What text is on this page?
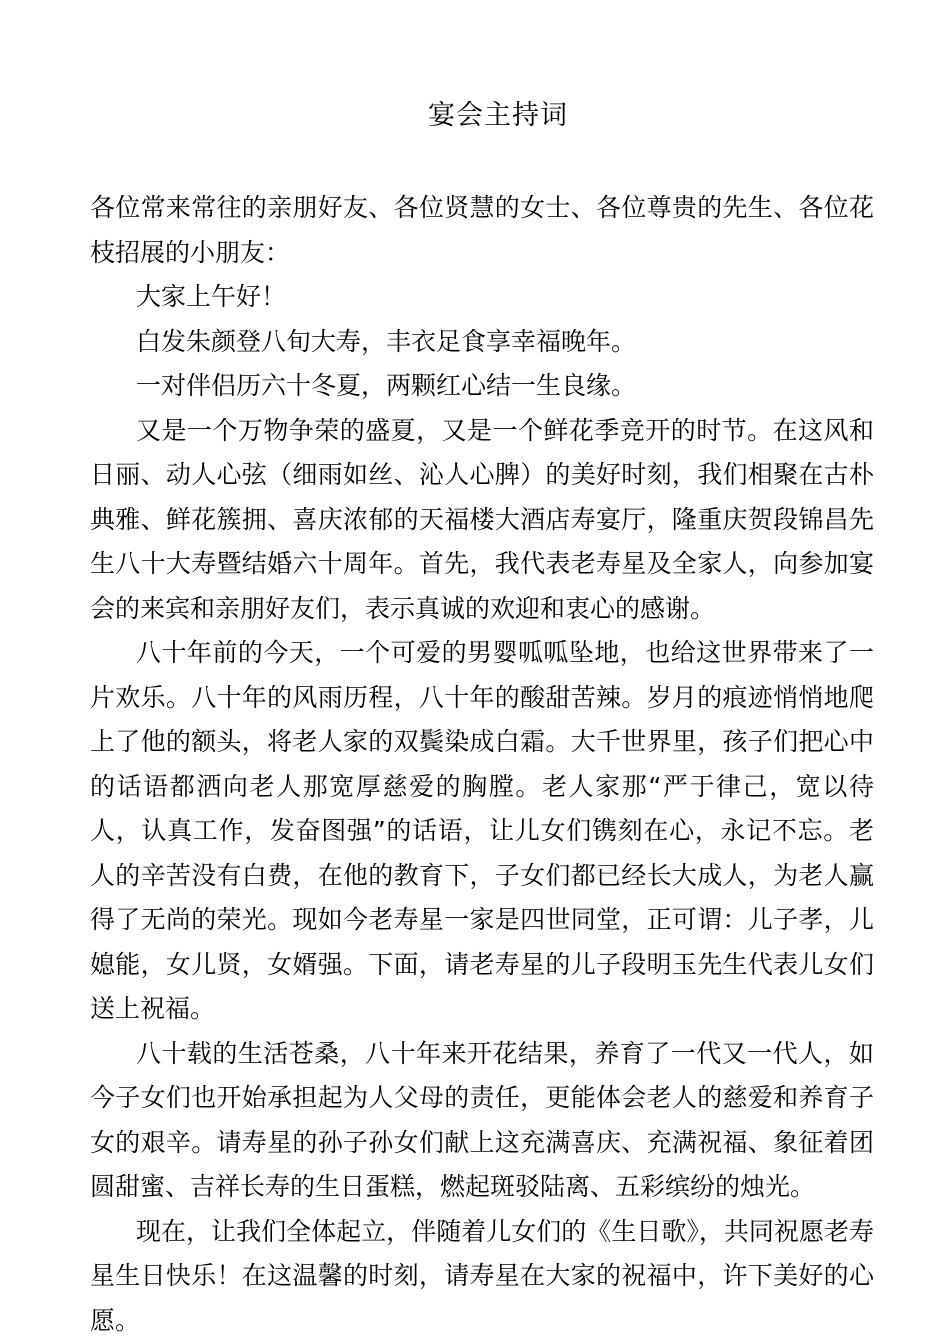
宴会主持词

各位常来常往的亲朋好友、各位贤慧的女士、各位尊贵的先生、各位花枝招展的小朋友：

大家上午好！

白发朱颜登八旬大寿，丰衣足食享幸福晚年。

一对伴侣历六十冬夏，两颗红心结一生良缘。

又是一个万物争荣的盛夏，又是一个鲜花季竞开的时节。在这风和日丽、动人心弦（细雨如丝、沁人心脾）的美好时刻，我们相聚在古朴典雅、鲜花簇拥、喜庆浓郁的天福楼大酒店寿宴厅，隆重庆贺段锦昌先生八十大寿暨结婚六十周年。首先，我代表老寿星及全家人，向参加宴会的来宾和亲朋好友们，表示真诚的欢迎和衷心的感谢。

八十年前的今天，一个可爱的男婴呱呱坠地，也给这世界带来了一片欢乐。八十年的风雨历程，八十年的酸甜苦辣。岁月的痕迹悄悄地爬上了他的额头，将老人家的双鬓染成白霜。大千世界里，孩子们把心中的话语都洒向老人那宽厚慈爱的胸膛。老人家那“严于律己，宽以待人，认真工作，发奋图强”的话语，让儿女们镌刻在心，永记不忘。老人的辛苦没有白费，在他的教育下，子女们都已经长大成人，为老人赢得了无尚的荣光。现如今老寿星一家是四世同堂，正可谓：儿子孝，儿媳能，女儿贤，女婿强。下面，请老寿星的儿子段明玉先生代表儿女们送上祝福。

八十载的生活苍桑，八十年来开花结果，养育了一代又一代人，如今子女们也开始承担起为人父母的责任，更能体会老人的慈爱和养育子女的艰辛。请寿星的孙子孙女们献上这充满喜庆、充满祝福、象征着团圆甜蜜、吉祥长寿的生日蛋糕，燃起斑驳陆离、五彩缤纷的烛光。

现在，让我们全体起立，伴随着儿女们的《生日歌》，共同祝愿老寿星生日快乐！在这温馨的时刻，请寿星在大家的祝福中，许下美好的心愿。
